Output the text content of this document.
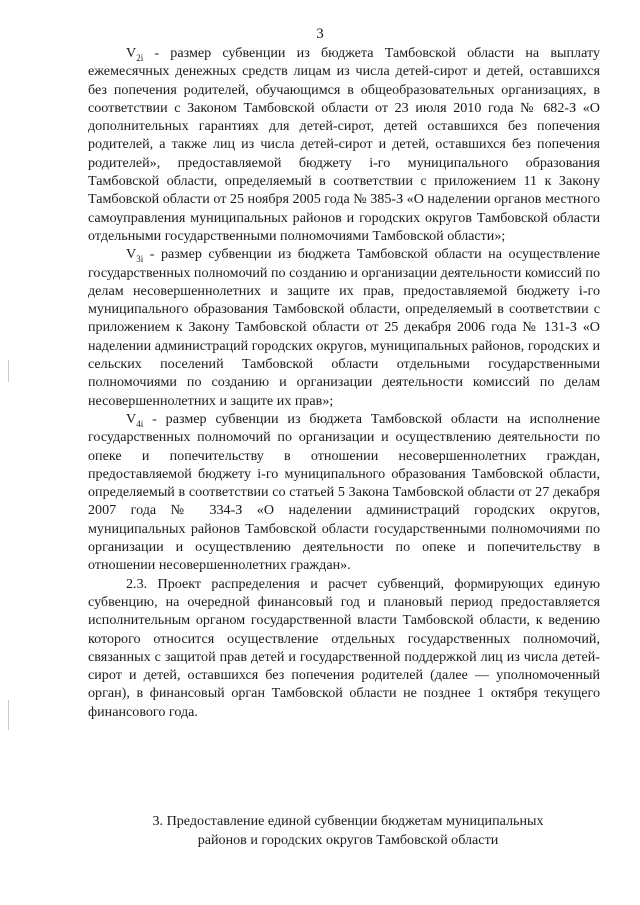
3

$V_{2i}$ - размер субвенции из бюджета Тамбовской области на выплату ежемесячных денежных средств лицам из числа детей-сирот и детей, оставшихся без попечения родителей, обучающимся в общеобразовательных организациях, в соответствии с Законом Тамбовской области от 23 июля 2010 года № 682-З «О дополнительных гарантиях для детей-сирот, детей оставшихся без попечения родителей, а также лиц из числа детей-сирот и детей, оставшихся без попечения родителей», предоставляемой бюджету i-го муниципального образования Тамбовской области, определяемый в соответствии с приложением 11 к Закону Тамбовской области от 25 ноября 2005 года № 385-З «О наделении органов местного самоуправления муниципальных районов и городских округов Тамбовской области отдельными государственными полномочиями Тамбовской области»;

$V_{3i}$ - размер субвенции из бюджета Тамбовской области на осуществление государственных полномочий по созданию и организации деятельности комиссий по делам несовершеннолетних и защите их прав, предоставляемой бюджету i-го муниципального образования Тамбовской области, определяемый в соответствии с приложением к Закону Тамбовской области от 25 декабря 2006 года № 131-З «О наделении администраций городских округов, муниципальных районов, городских и сельских поселений Тамбовской области отдельными государственными полномочиями по созданию и организации деятельности комиссий по делам несовершеннолетних и защите их прав»;

$V_{4i}$ - размер субвенции из бюджета Тамбовской области на исполнение государственных полномочий по организации и осуществлению деятельности по опеке и попечительству в отношении несовершеннолетних граждан, предоставляемой бюджету i-го муниципального образования Тамбовской области, определяемый в соответствии со статьей 5 Закона Тамбовской области от 27 декабря 2007 года № 334-З «О наделении администраций городских округов, муниципальных районов Тамбовской области государственными полномочиями по организации и осуществлению деятельности по опеке и попечительству в отношении несовершеннолетних граждан».

2.3. Проект распределения и расчет субвенций, формирующих единую субвенцию, на очередной финансовый год и плановый период предоставляется исполнительным органом государственной власти Тамбовской области, к ведению которого относится осуществление отдельных государственных полномочий, связанных с защитой прав детей и государственной поддержкой лиц из числа детей-сирот и детей, оставшихся без попечения родителей (далее — уполномоченный орган), в финансовый орган Тамбовской области не позднее 1 октября текущего финансового года.

3. Предоставление единой субвенции бюджетам муниципальных
районов и городских округов Тамбовской области
